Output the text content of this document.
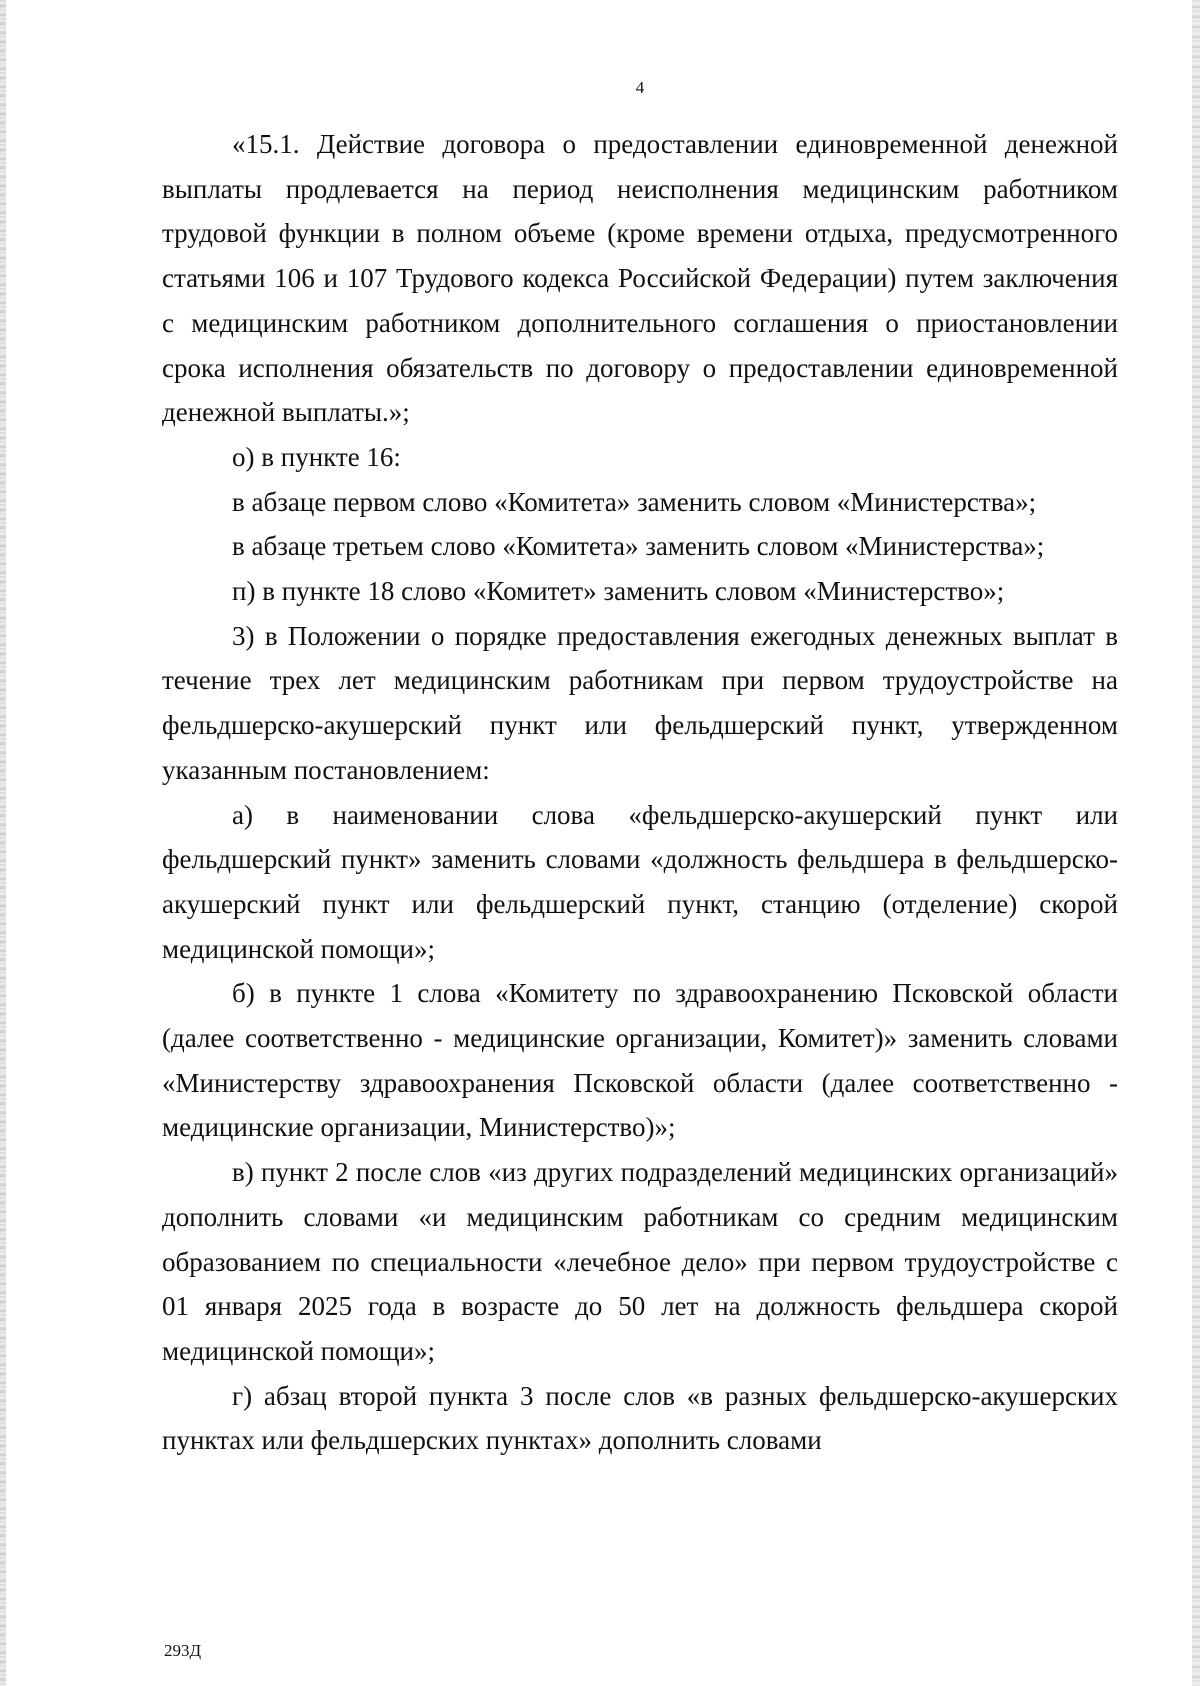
4

«15.1. Действие договора о предоставлении единовременной денежной выплаты продлевается на период неисполнения медицинским работником трудовой функции в полном объеме (кроме времени отдыха, предусмотренного статьями 106 и 107 Трудового кодекса Российской Федерации) путем заключения с медицинским работником дополнительного соглашения о приостановлении срока исполнения обязательств по договору о предоставлении единовременной денежной выплаты.»;

о) в пункте 16:

в абзаце первом слово «Комитета» заменить словом «Министерства»;

в абзаце третьем слово «Комитета» заменить словом «Министерства»;

п) в пункте 18 слово «Комитет» заменить словом «Министерство»;

3) в Положении о порядке предоставления ежегодных денежных выплат в течение трех лет медицинским работникам при первом трудоустройстве на фельдшерско-акушерский пункт или фельдшерский пункт, утвержденном указанным постановлением:

а) в наименовании слова «фельдшерско-акушерский пункт или фельдшерский пункт» заменить словами «должность фельдшера в фельдшерско-акушерский пункт или фельдшерский пункт, станцию (отделение) скорой медицинской помощи»;

б) в пункте 1 слова «Комитету по здравоохранению Псковской области (далее соответственно - медицинские организации, Комитет)» заменить словами «Министерству здравоохранения Псковской области (далее соответственно - медицинские организации, Министерство)»;

в) пункт 2 после слов «из других подразделений медицинских организаций» дополнить словами «и медицинским работникам со средним медицинским образованием по специальности «лечебное дело» при первом трудоустройстве с 01 января 2025 года в возрасте до 50 лет на должность фельдшера скорой медицинской помощи»;

г) абзац второй пункта 3 после слов «в разных фельдшерско-акушерских пунктах или фельдшерских пунктах» дополнить словами

293Д
